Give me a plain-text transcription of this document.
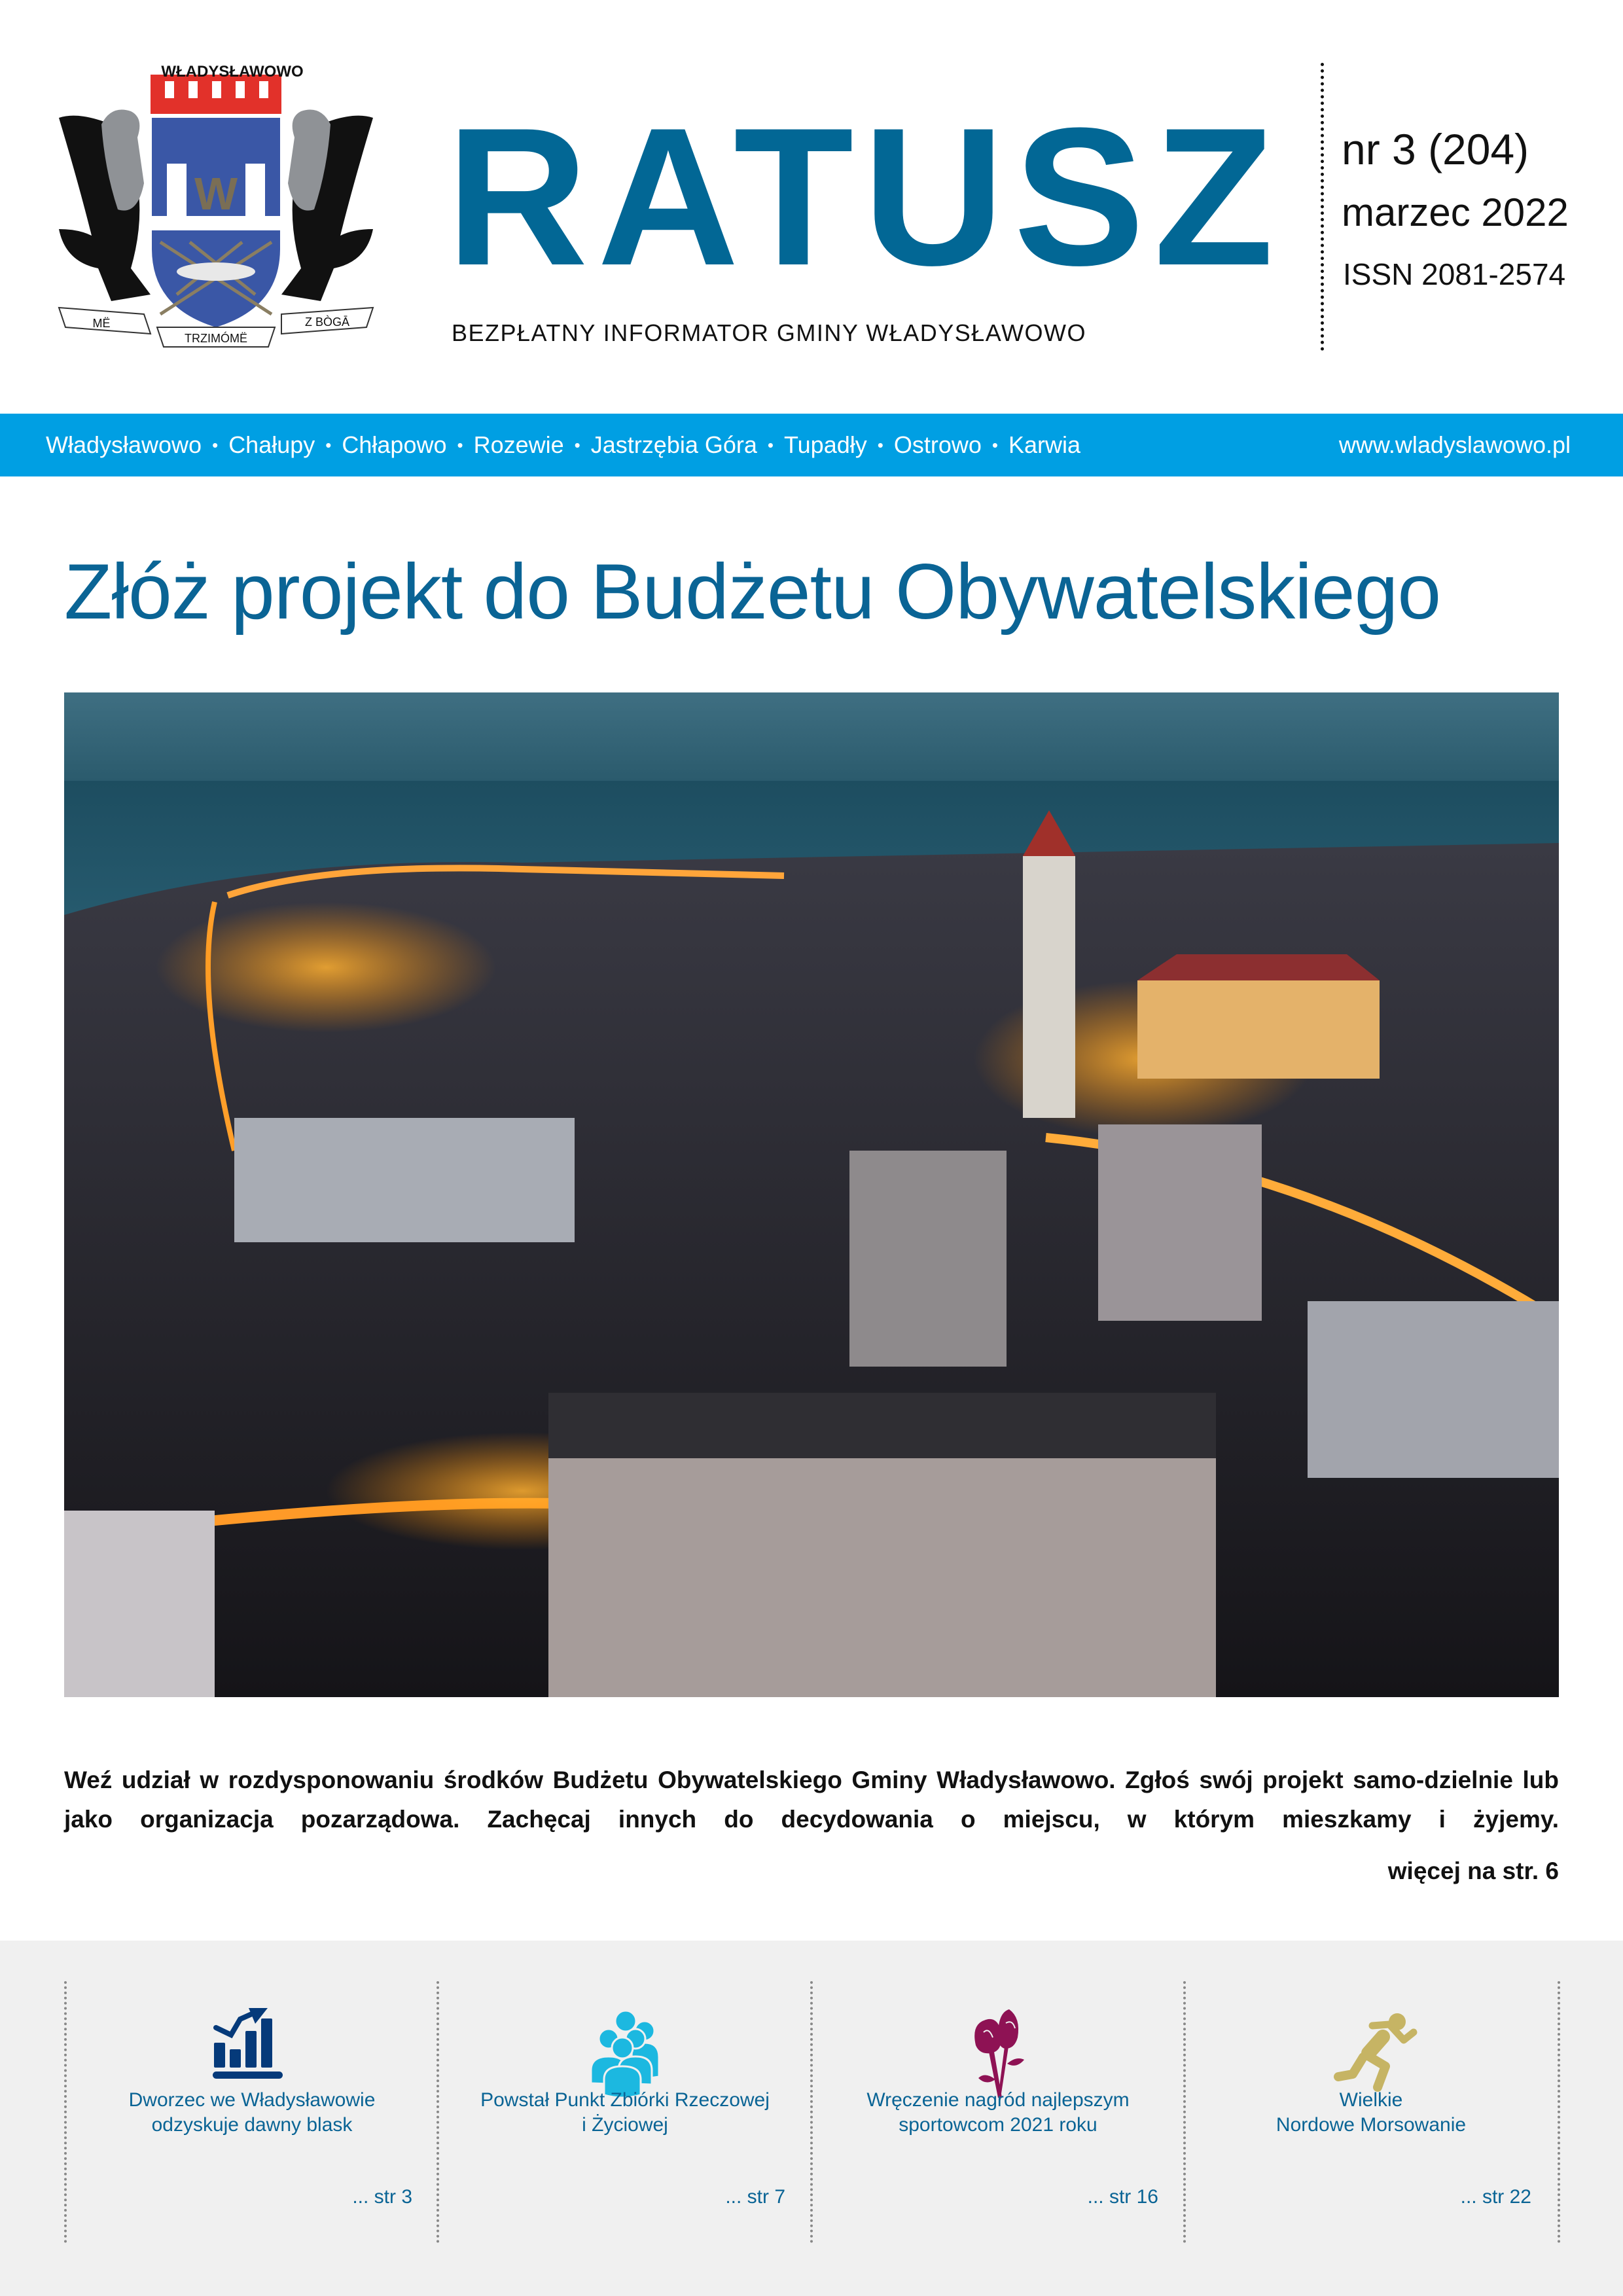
W
MË
TRZIMÓMË
Z BÒGĀ
WŁADYSŁAWOWO
RATUSZ
BEZPŁATNY INFORMATOR GMINY WŁADYSŁAWOWO
nr 3 (204)
marzec 2022
ISSN 2081-2574
Władysławowo • Chałupy • Chłapowo • Rozewie • Jastrzębia Góra • Tupadły • Ostrowo • Karwia	www.wladyslawowo.pl
Złóż projekt do Budżetu Obywatelskiego
Weź udział w rozdysponowaniu środków Budżetu Obywatelskiego Gminy Władysławowo. Zgłoś swój projekt samo-dzielnie lub jako organizacja pozarządowa. Zachęcaj innych do decydowania o miejscu, w którym mieszkamy i żyjemy.
więcej na str. 6
Dworzec we Władysławowie
odzyskuje dawny blask
... str 3
Powstał Punkt Zbiórki Rzeczowej
i Życiowej
... str 7
Wręczenie nagród najlepszym
sportowcom 2021 roku
... str 16
Wielkie
Nordowe Morsowanie
... str 22
